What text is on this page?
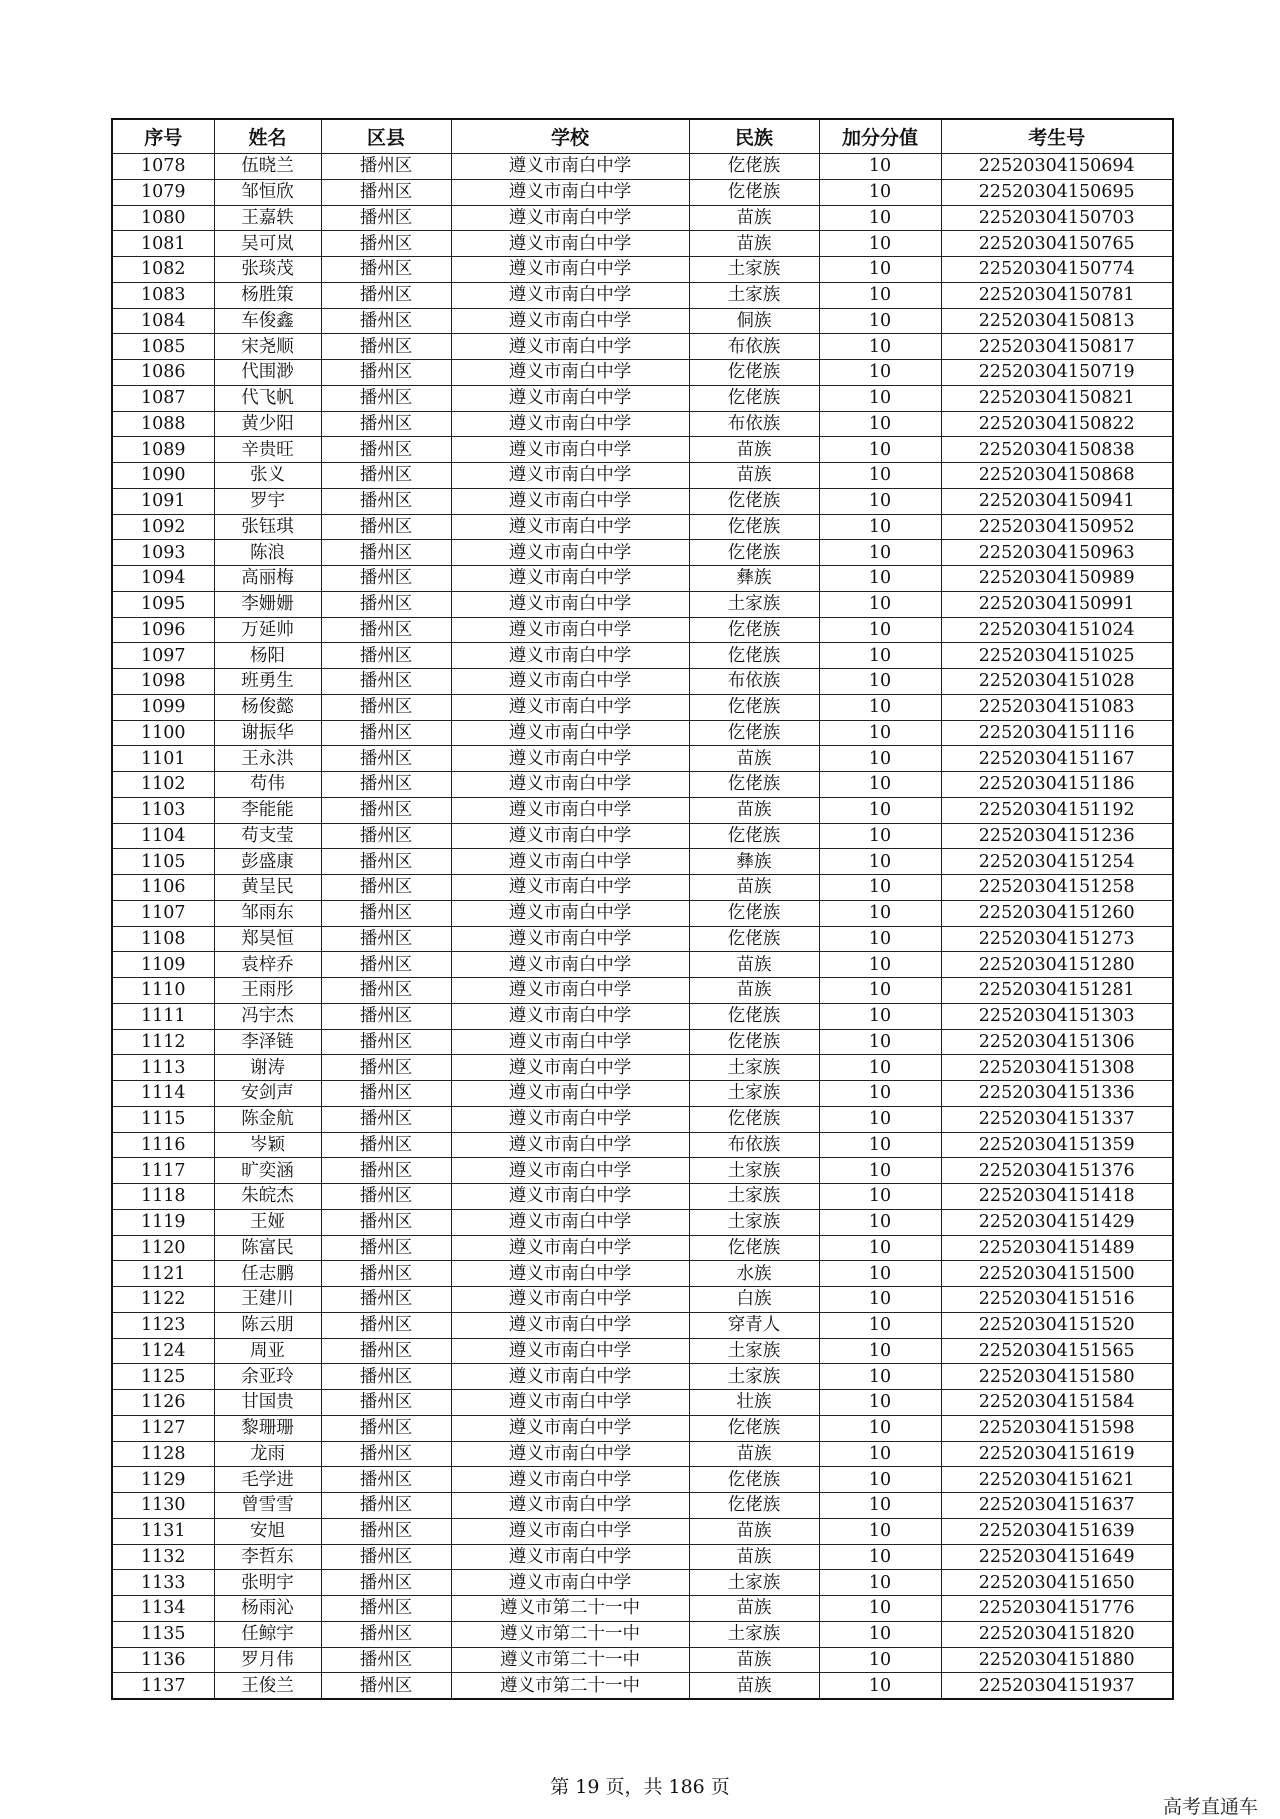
序号	姓名	区县	学校	民族	加分分值	考生号
1078	伍晓兰	播州区	遵义市南白中学	仡佬族	10	22520304150694
1079	邹恒欣	播州区	遵义市南白中学	仡佬族	10	22520304150695
1080	王嘉轶	播州区	遵义市南白中学	苗族	10	22520304150703
1081	吴可岚	播州区	遵义市南白中学	苗族	10	22520304150765
1082	张琰茂	播州区	遵义市南白中学	土家族	10	22520304150774
1083	杨胜策	播州区	遵义市南白中学	土家族	10	22520304150781
1084	车俊鑫	播州区	遵义市南白中学	侗族	10	22520304150813
1085	宋尧顺	播州区	遵义市南白中学	布依族	10	22520304150817
1086	代围渺	播州区	遵义市南白中学	仡佬族	10	22520304150719
1087	代飞帆	播州区	遵义市南白中学	仡佬族	10	22520304150821
1088	黄少阳	播州区	遵义市南白中学	布依族	10	22520304150822
1089	辛贵旺	播州区	遵义市南白中学	苗族	10	22520304150838
1090	张义	播州区	遵义市南白中学	苗族	10	22520304150868
1091	罗宇	播州区	遵义市南白中学	仡佬族	10	22520304150941
1092	张钰琪	播州区	遵义市南白中学	仡佬族	10	22520304150952
1093	陈浪	播州区	遵义市南白中学	仡佬族	10	22520304150963
1094	高丽梅	播州区	遵义市南白中学	彝族	10	22520304150989
1095	李姗姗	播州区	遵义市南白中学	土家族	10	22520304150991
1096	万延帅	播州区	遵义市南白中学	仡佬族	10	22520304151024
1097	杨阳	播州区	遵义市南白中学	仡佬族	10	22520304151025
1098	班勇生	播州区	遵义市南白中学	布依族	10	22520304151028
1099	杨俊懿	播州区	遵义市南白中学	仡佬族	10	22520304151083
1100	谢振华	播州区	遵义市南白中学	仡佬族	10	22520304151116
1101	王永洪	播州区	遵义市南白中学	苗族	10	22520304151167
1102	苟伟	播州区	遵义市南白中学	仡佬族	10	22520304151186
1103	李能能	播州区	遵义市南白中学	苗族	10	22520304151192
1104	苟支莹	播州区	遵义市南白中学	仡佬族	10	22520304151236
1105	彭盛康	播州区	遵义市南白中学	彝族	10	22520304151254
1106	黄呈民	播州区	遵义市南白中学	苗族	10	22520304151258
1107	邹雨东	播州区	遵义市南白中学	仡佬族	10	22520304151260
1108	郑昊恒	播州区	遵义市南白中学	仡佬族	10	22520304151273
1109	袁梓乔	播州区	遵义市南白中学	苗族	10	22520304151280
1110	王雨彤	播州区	遵义市南白中学	苗族	10	22520304151281
1111	冯宇杰	播州区	遵义市南白中学	仡佬族	10	22520304151303
1112	李泽链	播州区	遵义市南白中学	仡佬族	10	22520304151306
1113	谢涛	播州区	遵义市南白中学	土家族	10	22520304151308
1114	安剑声	播州区	遵义市南白中学	土家族	10	22520304151336
1115	陈金航	播州区	遵义市南白中学	仡佬族	10	22520304151337
1116	岑颖	播州区	遵义市南白中学	布依族	10	22520304151359
1117	旷奕涵	播州区	遵义市南白中学	土家族	10	22520304151376
1118	朱皖杰	播州区	遵义市南白中学	土家族	10	22520304151418
1119	王娅	播州区	遵义市南白中学	土家族	10	22520304151429
1120	陈富民	播州区	遵义市南白中学	仡佬族	10	22520304151489
1121	任志鹏	播州区	遵义市南白中学	水族	10	22520304151500
1122	王建川	播州区	遵义市南白中学	白族	10	22520304151516
1123	陈云朋	播州区	遵义市南白中学	穿青人	10	22520304151520
1124	周亚	播州区	遵义市南白中学	土家族	10	22520304151565
1125	余亚玲	播州区	遵义市南白中学	土家族	10	22520304151580
1126	甘国贵	播州区	遵义市南白中学	壮族	10	22520304151584
1127	黎珊珊	播州区	遵义市南白中学	仡佬族	10	22520304151598
1128	龙雨	播州区	遵义市南白中学	苗族	10	22520304151619
1129	毛学进	播州区	遵义市南白中学	仡佬族	10	22520304151621
1130	曾雪雪	播州区	遵义市南白中学	仡佬族	10	22520304151637
1131	安旭	播州区	遵义市南白中学	苗族	10	22520304151639
1132	李哲东	播州区	遵义市南白中学	苗族	10	22520304151649
1133	张明宇	播州区	遵义市南白中学	土家族	10	22520304151650
1134	杨雨沁	播州区	遵义市第二十一中	苗族	10	22520304151776
1135	任鲸宇	播州区	遵义市第二十一中	土家族	10	22520304151820
1136	罗月伟	播州区	遵义市第二十一中	苗族	10	22520304151880
1137	王俊兰	播州区	遵义市第二十一中	苗族	10	22520304151937
第 19 页，共 186 页
高考直通车
